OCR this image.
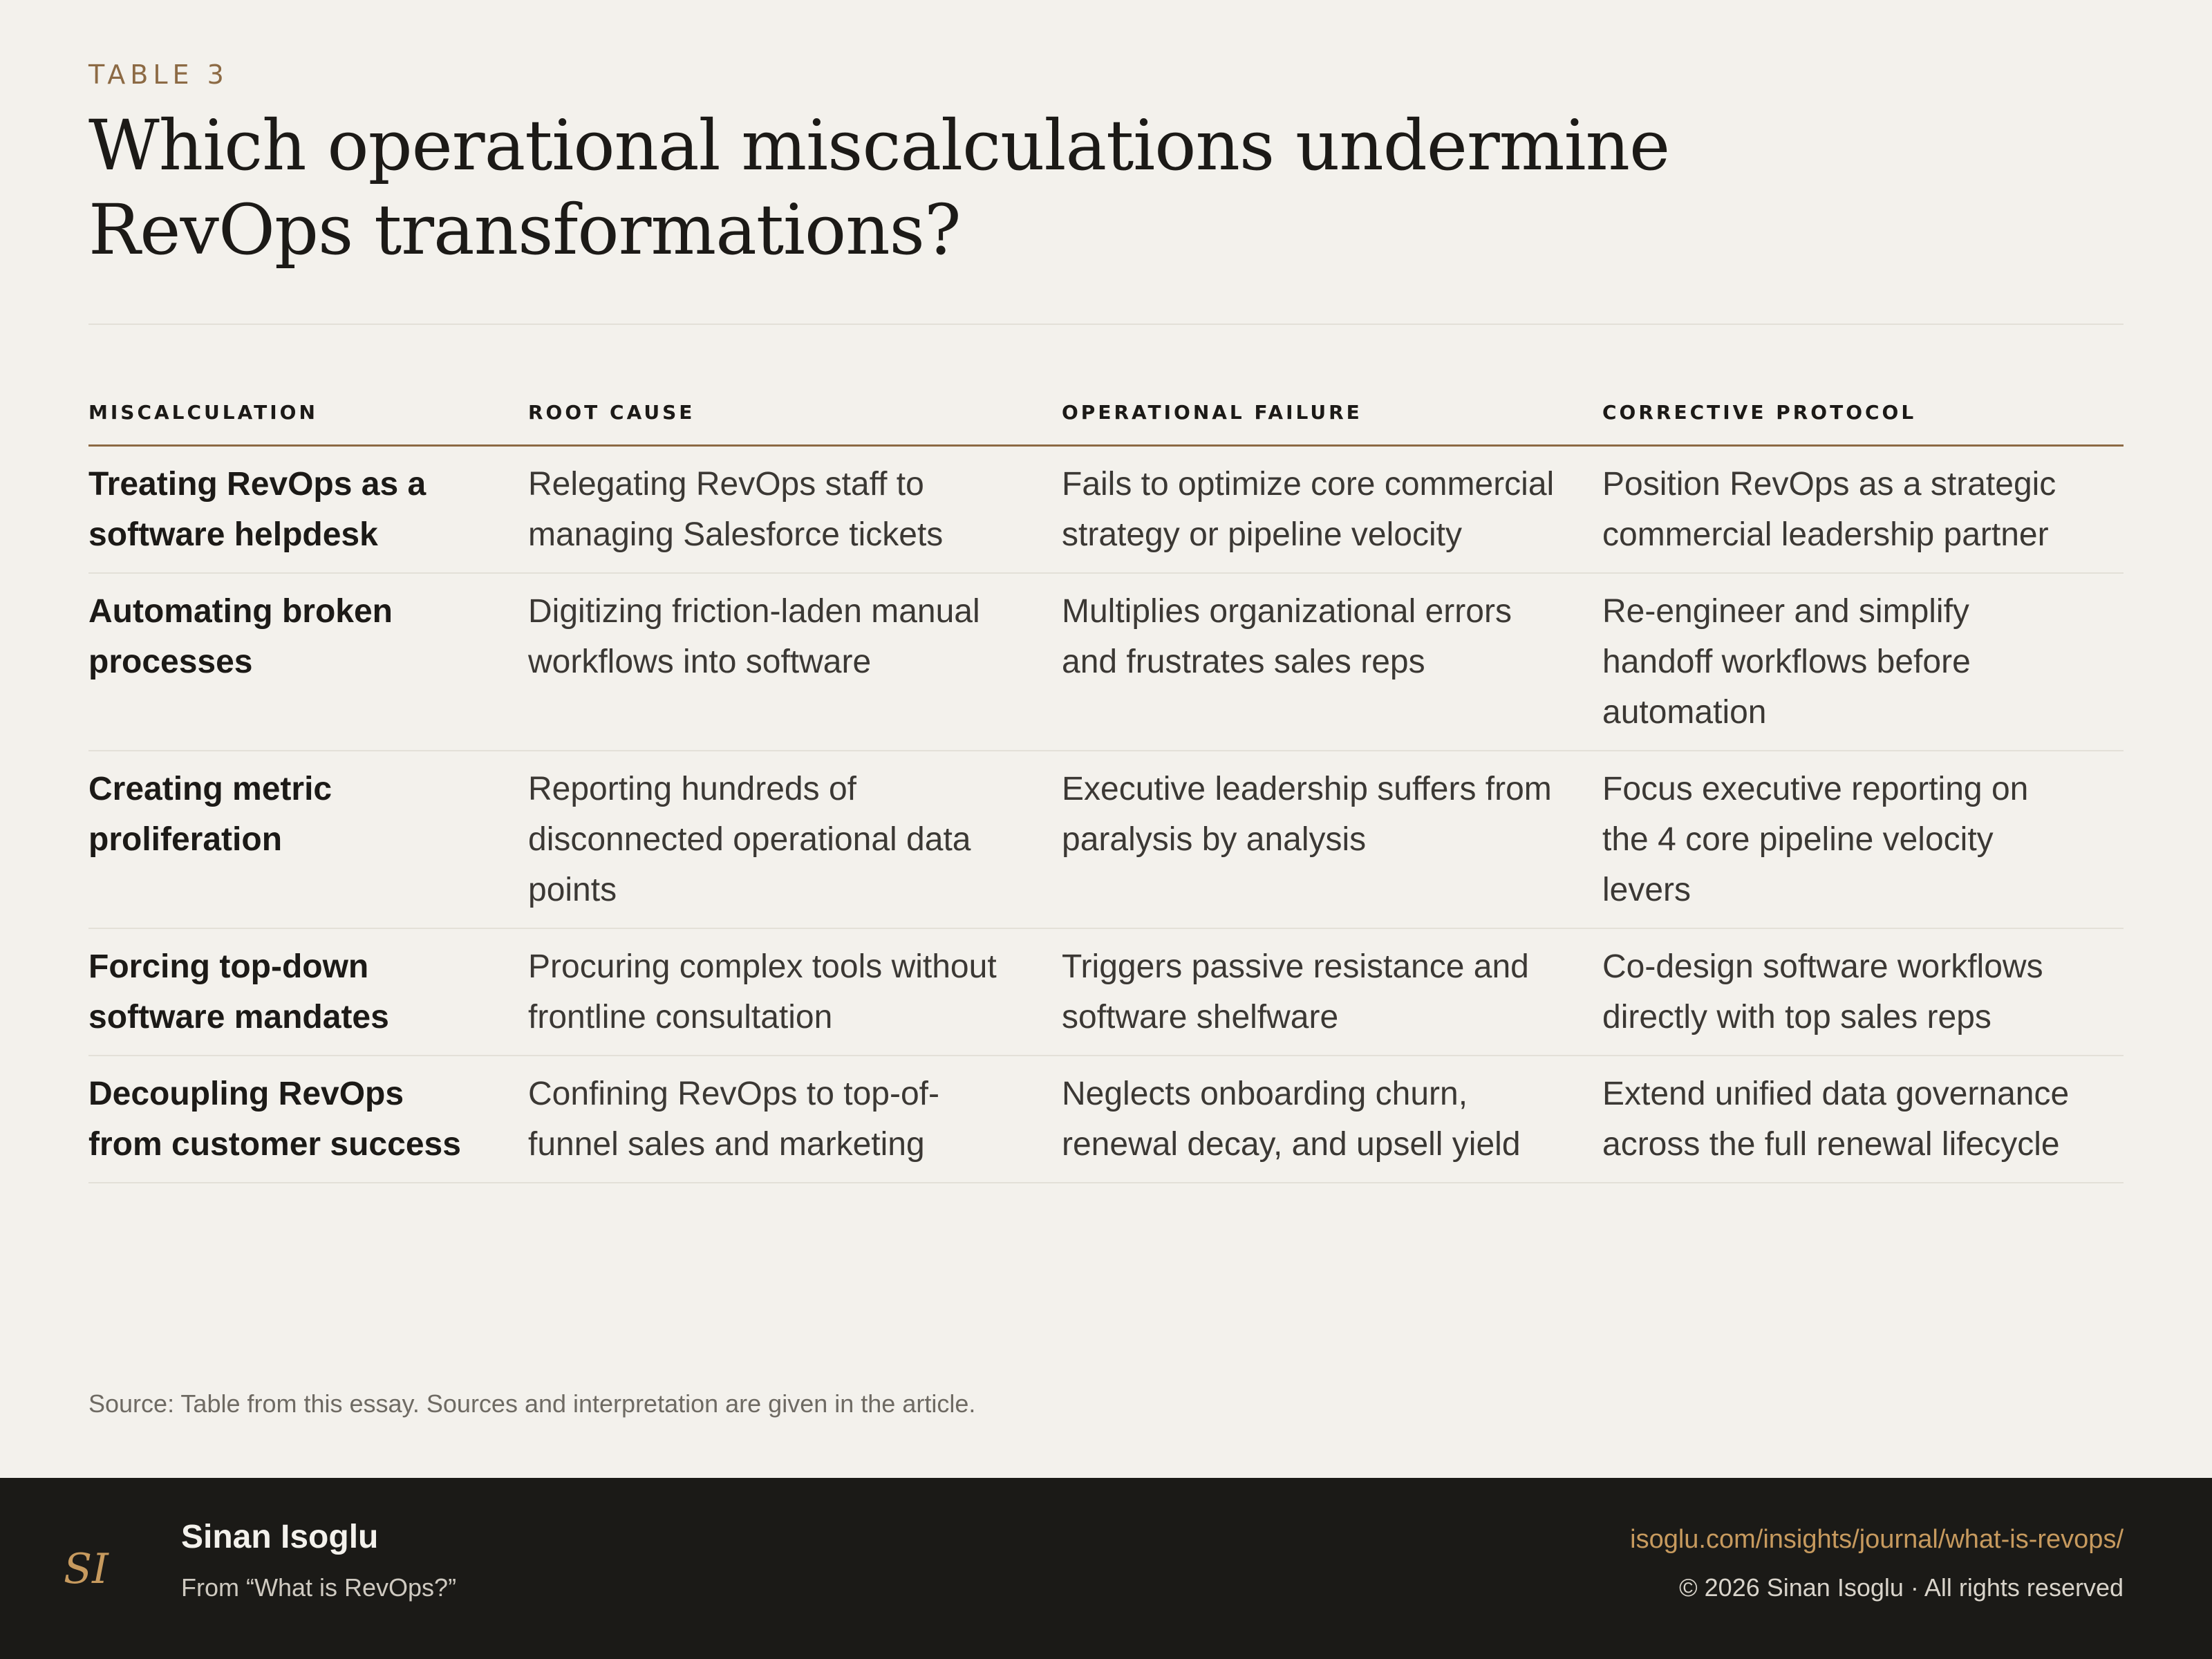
TABLE 3
Which operational miscalculations undermine RevOps transformations?
MISCALCULATION	ROOT CAUSE	OPERATIONAL FAILURE	CORRECTIVE PROTOCOL
Treating RevOps as a software helpdesk	Relegating RevOps staff to managing Salesforce tickets	Fails to optimize core commercial strategy or pipeline velocity	Position RevOps as a strategic commercial leadership partner
Automating broken processes	Digitizing friction-laden manual workflows into software	Multiplies organizational errors and frustrates sales reps	Re-engineer and simplify handoff workflows before automation
Creating metric proliferation	Reporting hundreds of disconnected operational data points	Executive leadership suffers from paralysis by analysis	Focus executive reporting on the 4 core pipeline velocity levers
Forcing top-down software mandates	Procuring complex tools without frontline consultation	Triggers passive resistance and software shelfware	Co-design software workflows directly with top sales reps
Decoupling RevOps from customer success	Confining RevOps to top-of-funnel sales and marketing	Neglects onboarding churn, renewal decay, and upsell yield	Extend unified data governance across the full renewal lifecycle
Source: Table from this essay. Sources and interpretation are given in the article.
SI
Sinan Isoglu
From “What is RevOps?”
isoglu.com/insights/journal/what-is-revops/
© 2026 Sinan Isoglu · All rights reserved
